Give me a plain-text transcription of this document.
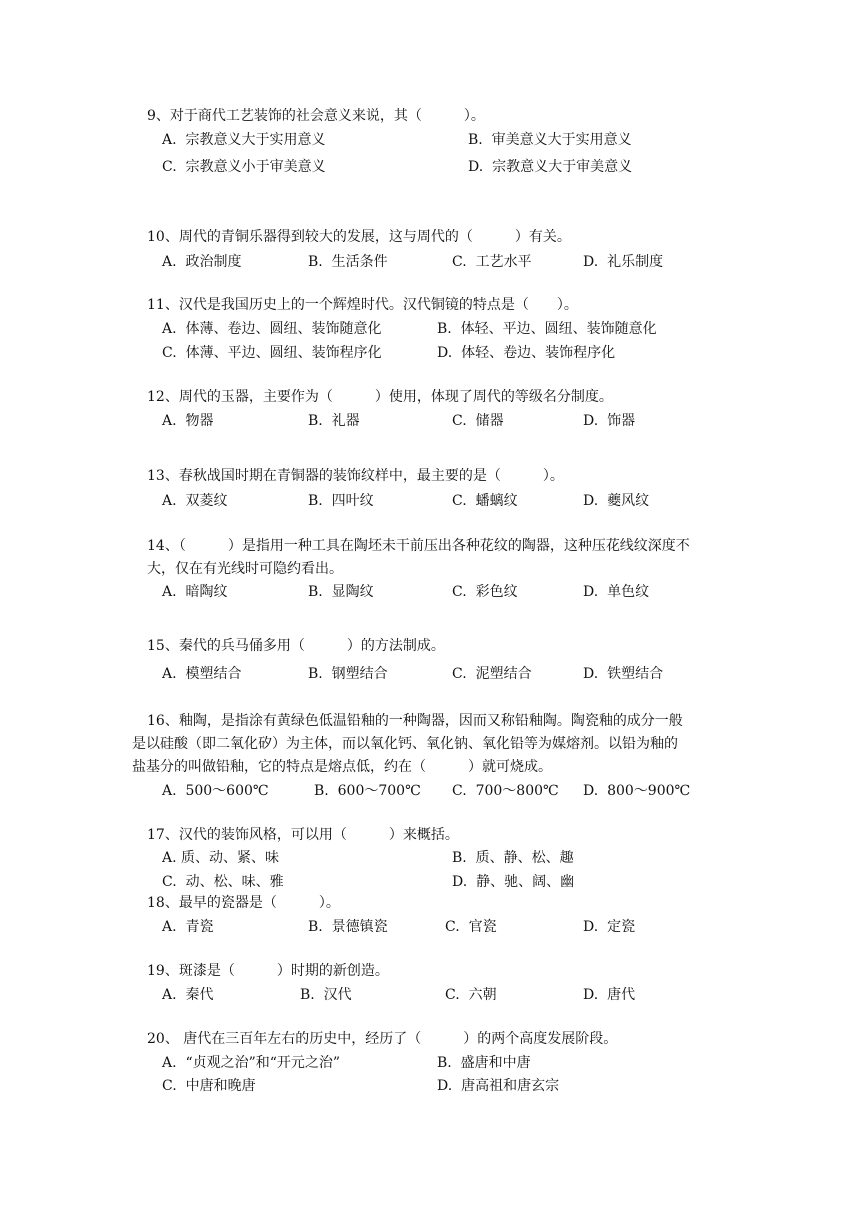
9、对于商代工艺装饰的社会意义来说，其（　　　）。
A.  宗教意义大于实用意义	B.  审美意义大于实用意义
C.  宗教意义小于审美意义	D.  宗教意义大于审美意义
10、周代的青铜乐器得到较大的发展，这与周代的（　　　）有关。
A.  政治制度	B.  生活条件	C.  工艺水平	D.  礼乐制度
11、汉代是我国历史上的一个辉煌时代。汉代铜镜的特点是（　　）。
A.  体薄、卷边、圆纽、装饰随意化	B.  体轻、平边、圆纽、装饰随意化
C.  体薄、平边、圆纽、装饰程序化	D.  体轻、卷边、装饰程序化
12、周代的玉器，主要作为（　　　）使用，体现了周代的等级名分制度。
A.  物器	B.  礼器	C.  储器	D.  饰器
13、春秋战国时期在青铜器的装饰纹样中，最主要的是（　　　）。
A.  双菱纹	B.  四叶纹	C.  蟠螭纹	D.  夔风纹
14、（　　　）是指用一种工具在陶坯未干前压出各种花纹的陶器，这种压花线纹深度不
大，仅在有光线时可隐约看出。
A.  暗陶纹	B.  显陶纹	C.  彩色纹	D.  单色纹
15、秦代的兵马俑多用（　　　）的方法制成。
A.  模塑结合	B.  钢塑结合	C.  泥塑结合	D.  铁塑结合
16、釉陶，是指涂有黄绿色低温铅釉的一种陶器，因而又称铅釉陶。陶瓷釉的成分一般
是以硅酸（即二氧化矽）为主体，而以氧化钙、氧化钠、氧化铅等为媒熔剂。以铅为釉的
盐基分的叫做铅釉，它的特点是熔点低，约在（　　　）就可烧成。
A.  500～600℃	B.  600～700℃ C.  700～800℃ D.  800～900℃
17、汉代的装饰风格，可以用（　　　）来概括。
A. 质、动、紧、味	B.  质、静、松、趣
C.  动、松、味、雅	D.  静、驰、阔、幽
18、最早的瓷器是（　　　）。
A.  青瓷	B.  景德镇瓷	C.  官瓷	D.  定瓷
19、斑漆是（　　　）时期的新创造。
A.  秦代	B.  汉代	C.  六朝	D.  唐代
20、 唐代在三百年左右的历史中，经历了（　　　）的两个高度发展阶段。
A.  “贞观之治”和“开元之治”	B.  盛唐和中唐
C.  中唐和晚唐	D.  唐高祖和唐玄宗
